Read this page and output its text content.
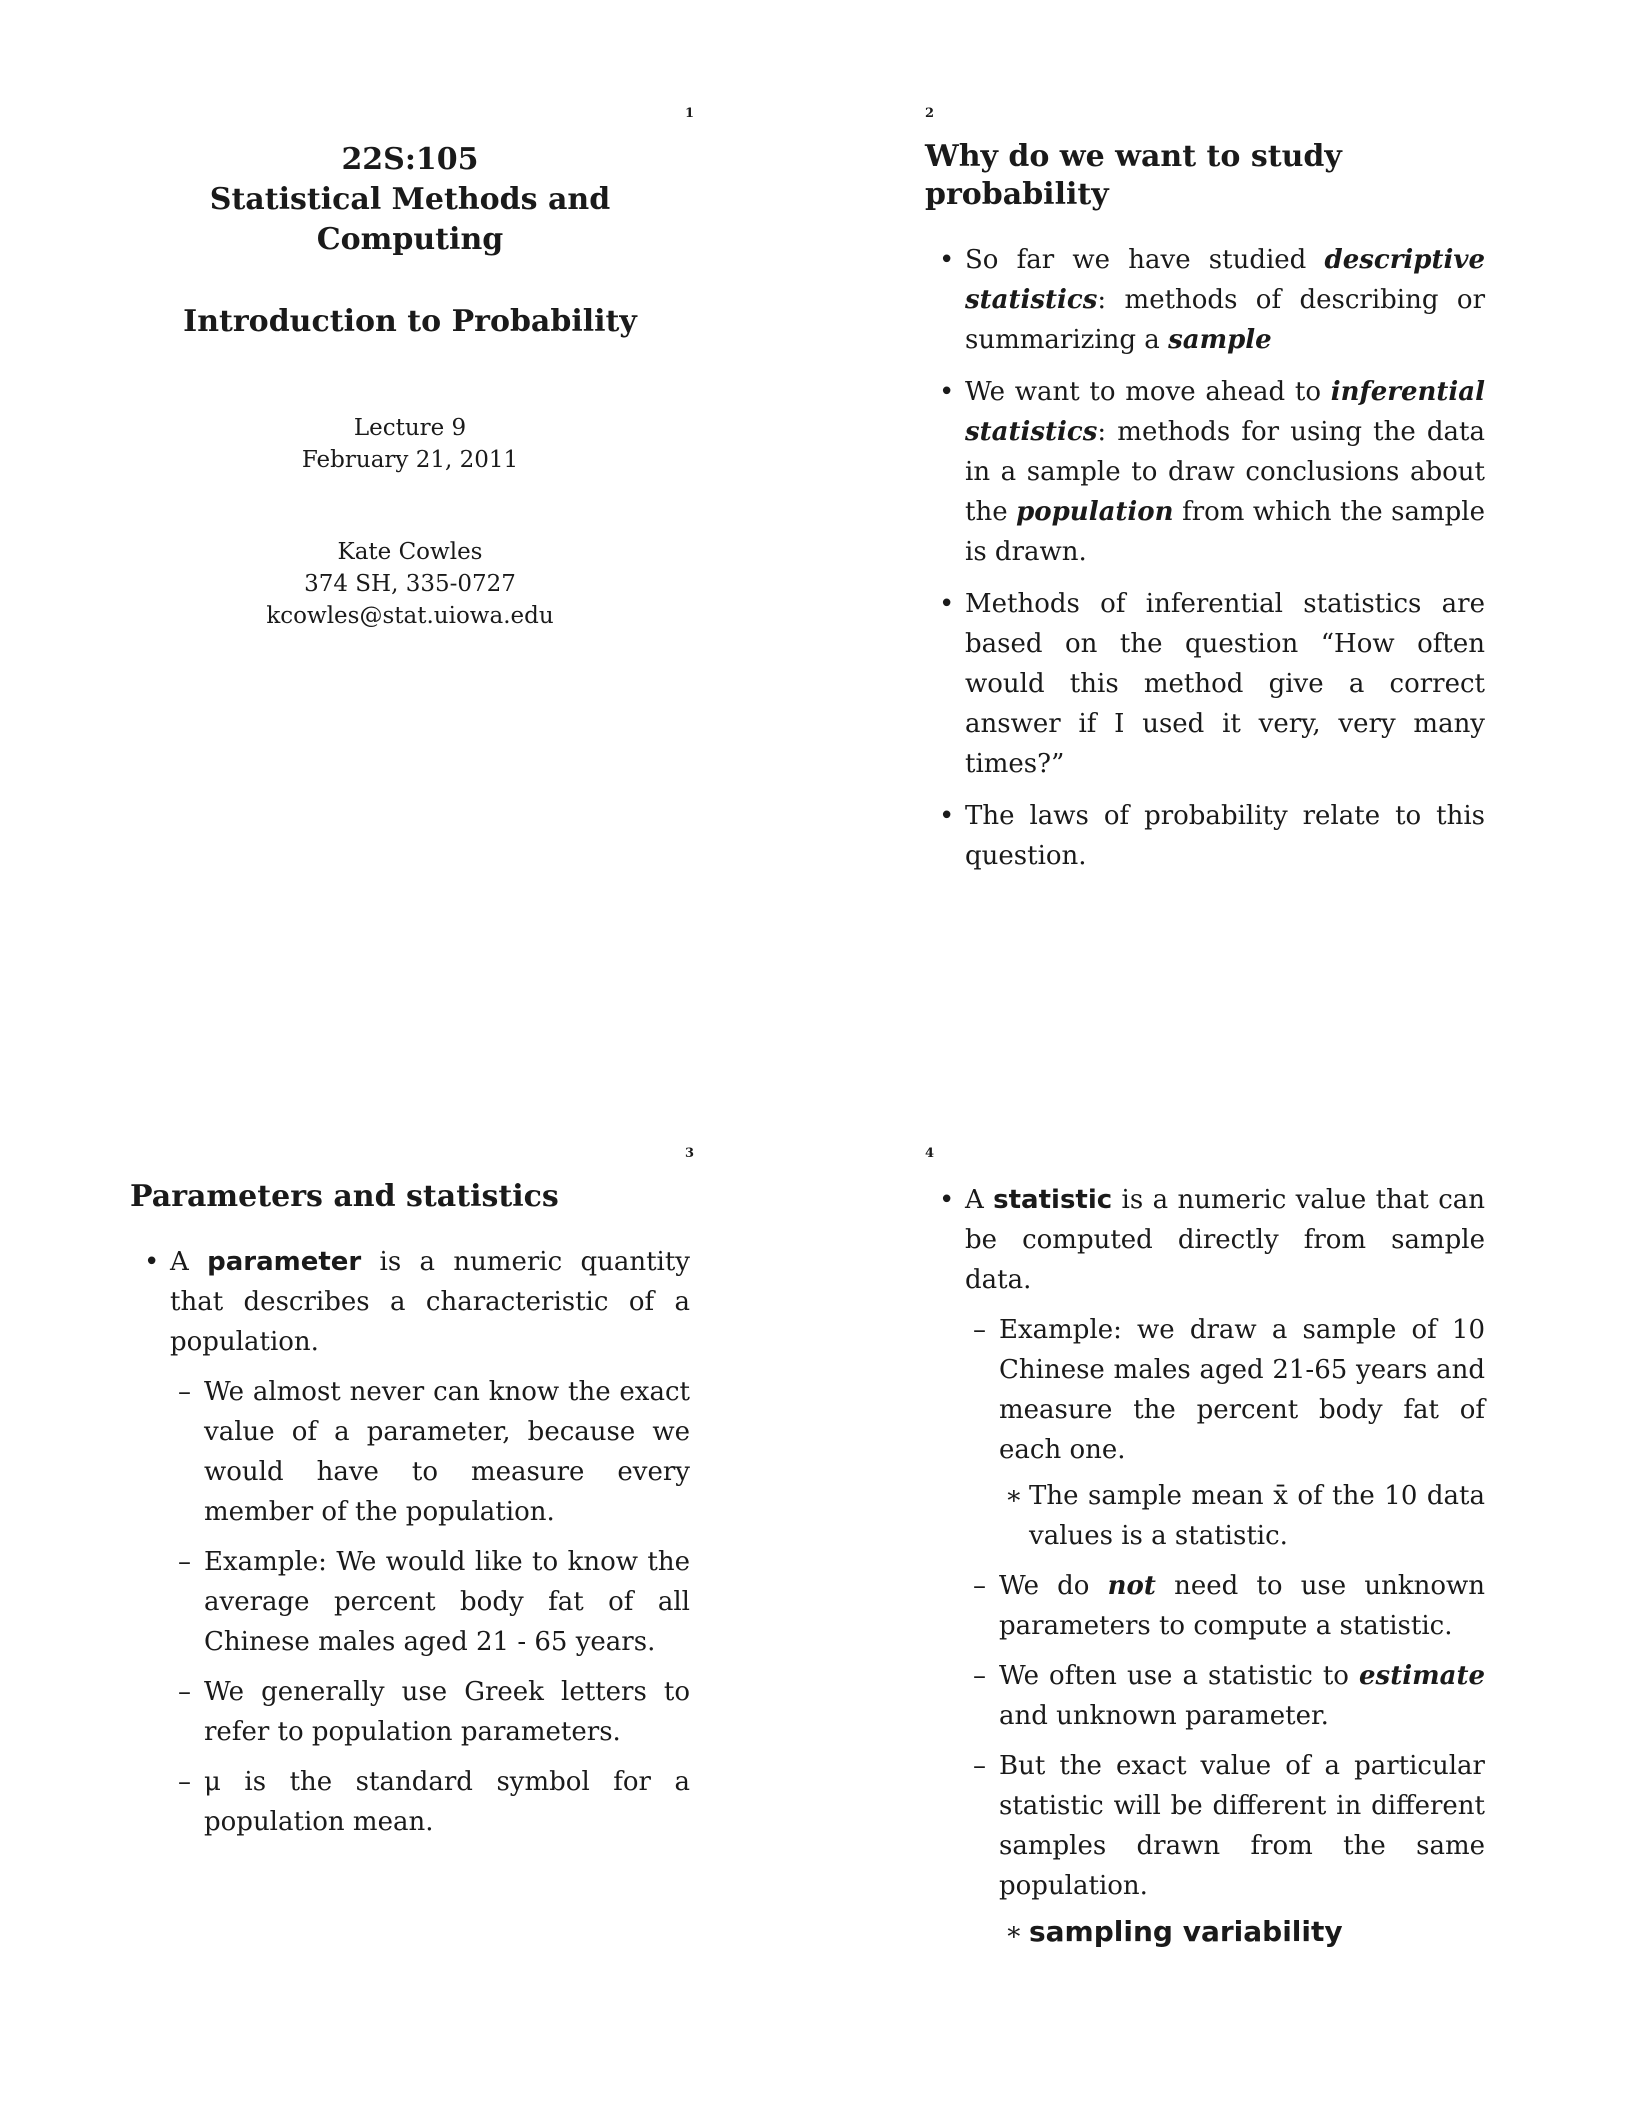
1
22S:105
Statistical Methods and
Computing
Introduction to Probability
Lecture 9
February 21, 2011
Kate Cowles
374 SH, 335-0727
kcowles@stat.uiowa.edu
2
Why do we want to study probability
• So far we have studied descriptive statistics: methods of describing or summarizing a sample
• We want to move ahead to inferential statistics: methods for using the data in a sample to draw conclusions about the population from which the sample is drawn.
• Methods of inferential statistics are based on the question “How often would this method give a correct answer if I used it very, very many times?”
• The laws of probability relate to this question.
3
Parameters and statistics
• A parameter is a numeric quantity that describes a characteristic of a population.
– We almost never can know the exact value of a parameter, because we would have to measure every member of the population.
– Example: We would like to know the average percent body fat of all Chinese males aged 21 - 65 years.
– We generally use Greek letters to refer to population parameters.
– μ is the standard symbol for a population mean.
4
• A statistic is a numeric value that can be computed directly from sample data.
– Example: we draw a sample of 10 Chinese males aged 21-65 years and measure the percent body fat of each one.
∗ The sample mean x̄ of the 10 data values is a statistic.
– We do not need to use unknown parameters to compute a statistic.
– We often use a statistic to estimate and unknown parameter.
– But the exact value of a particular statistic will be different in different samples drawn from the same population.
∗ sampling variability
